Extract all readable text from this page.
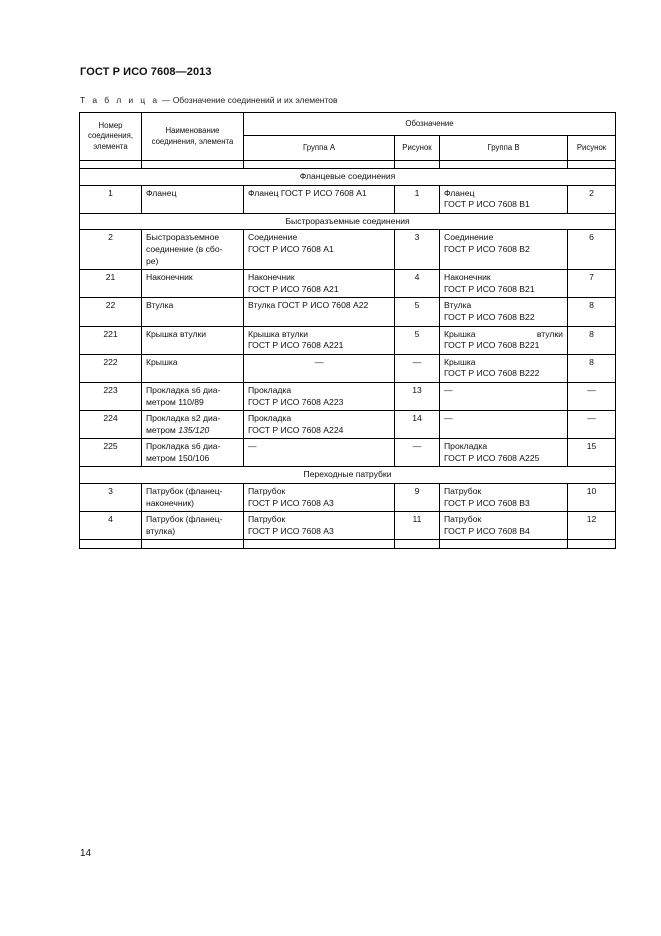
ГОСТ Р ИСО 7608—2013
Т а б л и ц а — Обозначение соединений и их элементов
Номер соединения, элемента	Наименование соединения, элемента	Обозначение			
		Группа А	Рисунок	Группа В	Рисунок

Фланцевые соединения					
1	Фланец	Фланец ГОСТ Р ИСО 7608 А1	1	Фланец
ГОСТ Р ИСО 7608 В1	2
Быстроразъемные соединения					
2	Быстроразъемное
соединение (в сбо-
ре)	Соединение
ГОСТ Р ИСО 7608 А1	3	Соединение
ГОСТ Р ИСО 7608 В2	6
21	Наконечник	Наконечник
ГОСТ Р ИСО 7608 А21	4	Наконечник
ГОСТ Р ИСО 7608 В21	7
22	Втулка	Втулка ГОСТ Р ИСО 7608 А22	5	Втулка
ГОСТ Р ИСО 7608 В22	8
221	Крышка втулки	Крышка втулки
ГОСТ Р ИСО 7608 А221	5	Крышка втулки
ГОСТ Р ИСО 7608 В221	8
222	Крышка	—	—	Крышка
ГОСТ Р ИСО 7608 В222	8
223	Прокладка s6 диа-
метром 110/89	Прокладка
ГОСТ Р ИСО 7608 А223	13	—	—
224	Прокладка s2 диа-
метром 135/120	Прокладка
ГОСТ Р ИСО 7608 А224	14	—	—
225	Прокладка s6 диа-
метром 150/106	—	—	Прокладка
ГОСТ Р ИСО 7608 А225	15
Переходные патрубки					
3	Патрубок (фланец-
наконечник)	Патрубок
ГОСТ Р ИСО 7608 А3	9	Патрубок
ГОСТ Р ИСО 7608 В3	10
4	Патрубок (фланец-
втулка)	Патрубок
ГОСТ Р ИСО 7608 А3	11	Патрубок
ГОСТ Р ИСО 7608 В4	12

14
